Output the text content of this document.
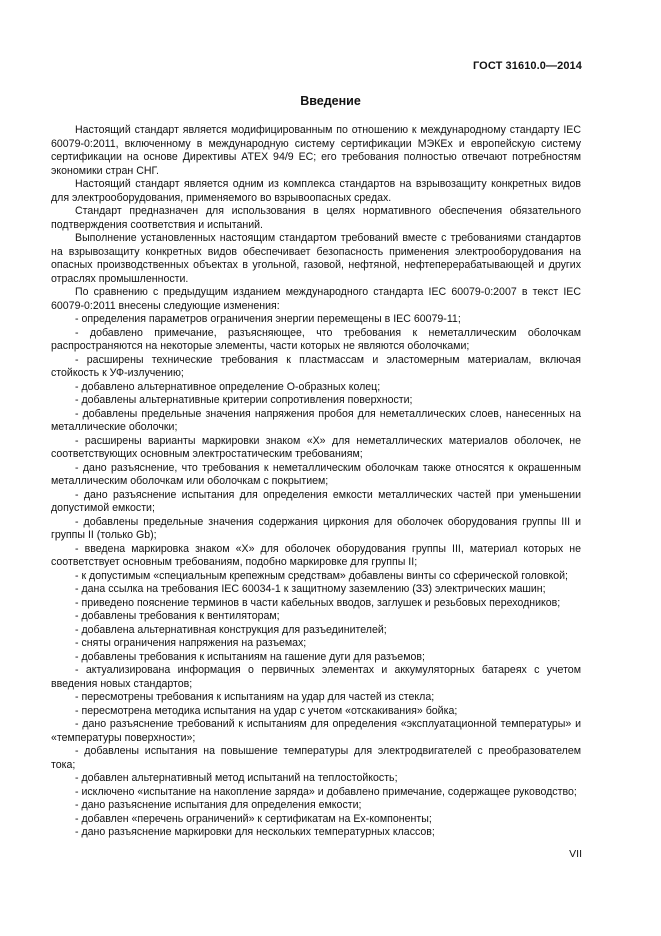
ГОСТ 31610.0—2014
Введение

Настоящий стандарт является модифицированным по отношению к международному стандарту IEC 60079-0:2011, включенному в международную систему сертификации МЭКЕх и европейскую систему сертификации на основе Директивы АТЕХ 94/9 ЕС; его требования полностью отвечают потребностям экономики стран СНГ.

Настоящий стандарт является одним из комплекса стандартов на взрывозащиту конкретных видов для электрооборудования, применяемого во взрывоопасных средах.

Стандарт предназначен для использования в целях нормативного обеспечения обязательного подтверждения соответствия и испытаний.

Выполнение установленных настоящим стандартом требований вместе с требованиями стандартов на взрывозащиту конкретных видов обеспечивает безопасность применения электрооборудования на опасных производственных объектах в угольной, газовой, нефтяной, нефтеперерабатывающей и других отраслях промышленности.

По сравнению с предыдущим изданием международного стандарта IEC 60079-0:2007 в текст IEC 60079-0:2011 внесены следующие изменения:

- определения параметров ограничения энергии перемещены в IEC 60079-11;

- добавлено примечание, разъясняющее, что требования к неметаллическим оболочкам распространяются на некоторые элементы, части которых не являются оболочками;

- расширены технические требования к пластмассам и эластомерным материалам, включая стойкость к УФ-излучению;

- добавлено альтернативное определение О-образных колец;

- добавлены альтернативные критерии сопротивления поверхности;

- добавлены предельные значения напряжения пробоя для неметаллических слоев, нанесенных на металлические оболочки;

- расширены варианты маркировки знаком «X» для неметаллических материалов оболочек, не соответствующих основным электростатическим требованиям;

- дано разъяснение, что требования к неметаллическим оболочкам также относятся к окрашенным металлическим оболочкам или оболочкам с покрытием;

- дано разъяснение испытания для определения емкости металлических частей при уменьшении допустимой емкости;

- добавлены предельные значения содержания циркония для оболочек оборудования группы III и группы II (только Gb);

- введена маркировка знаком «X» для оболочек оборудования группы III, материал которых не соответствует основным требованиям, подобно маркировке для группы II;

- к допустимым «специальным крепежным средствам» добавлены винты со сферической головкой;

- дана ссылка на требования IEC 60034-1 к защитному заземлению (ЗЗ) электрических машин;

- приведено пояснение терминов в части кабельных вводов, заглушек и резьбовых переходников;

- добавлены требования к вентиляторам;

- добавлена альтернативная конструкция для разъединителей;

- сняты ограничения напряжения на разъемах;

- добавлены требования к испытаниям на гашение дуги для разъемов;

- актуализирована информация о первичных элементах и аккумуляторных батареях с учетом введения новых стандартов;

- пересмотрены требования к испытаниям на удар для частей из стекла;

- пересмотрена методика испытания на удар с учетом «отскакивания» бойка;

- дано разъяснение требований к испытаниям для определения «эксплуатационной температуры» и «температуры поверхности»;

- добавлены испытания на повышение температуры для электродвигателей с преобразователем тока;

- добавлен альтернативный метод испытаний на теплостойкость;

- исключено «испытание на накопление заряда» и добавлено примечание, содержащее руководство;

- дано разъяснение испытания для определения емкости;

- добавлен «перечень ограничений» к сертификатам на Ex-компоненты;

- дано разъяснение маркировки для нескольких температурных классов;

VII
